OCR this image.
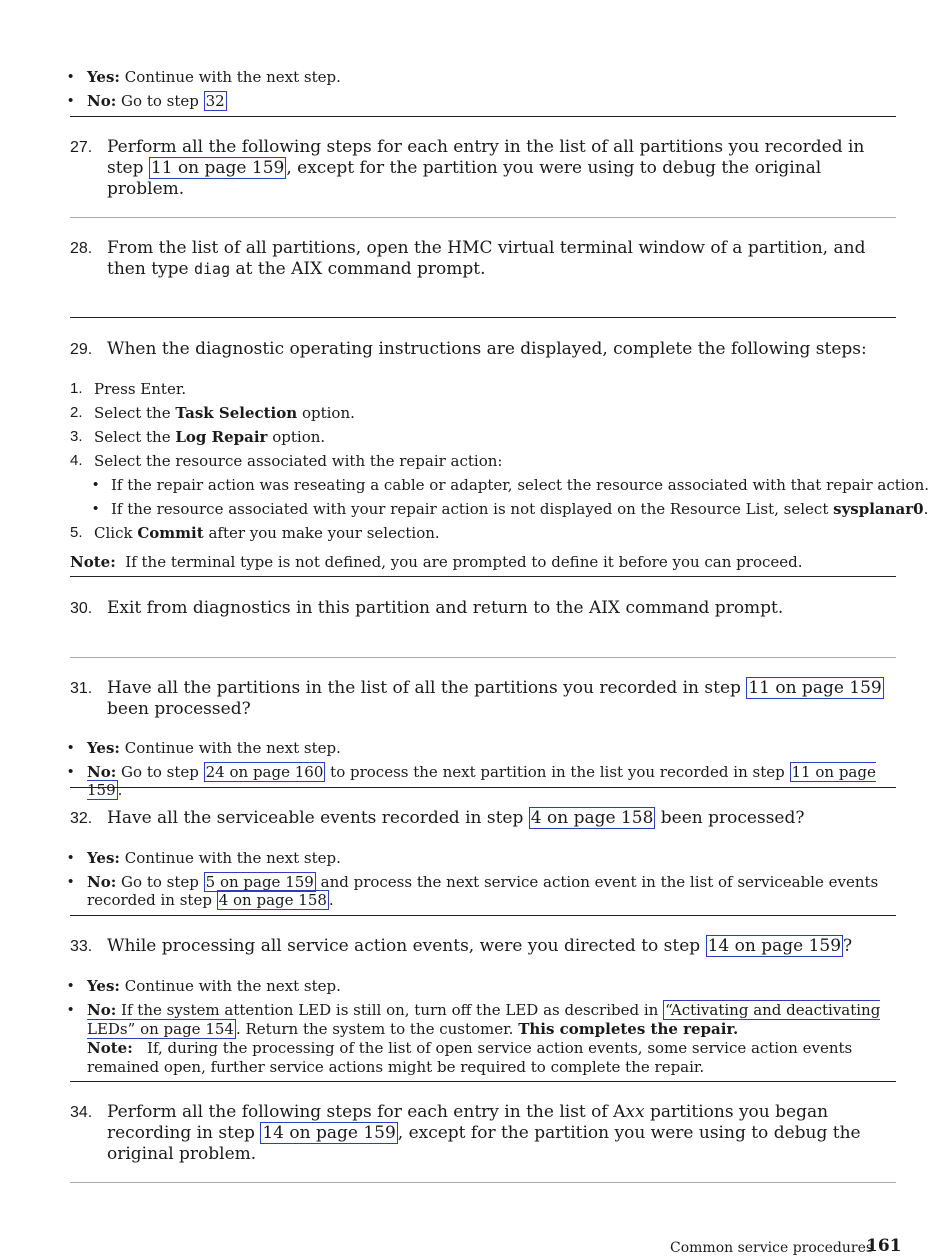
• Yes: Continue with the next step.
• No: Go to step 32
27. Perform all the following steps for each entry in the list of all partitions you recorded in step 11 on page 159 , except for the partition you were using to debug the original problem.
28. From the list of all partitions, open the HMC virtual terminal window of a partition, and then type diag at the AIX command prompt.
29. When the diagnostic operating instructions are displayed, complete the following steps:
1. Press Enter.
2. Select the Task Selection option.
3. Select the Log Repair option.
4. Select the resource associated with the repair action:
• If the repair action was reseating a cable or adapter, select the resource associated with that repair action.
• If the resource associated with your repair action is not displayed on the Resource List, select sysplanar0.
5. Click Commit after you make your selection.
Note: If the terminal type is not defined, you are prompted to define it before you can proceed.
30. Exit from diagnostics in this partition and return to the AIX command prompt.
31. Have all the partitions in the list of all the partitions you recorded in step 11 on page 159 been processed?
• Yes: Continue with the next step.
• No: Go to step 24 on page 160 to process the next partition in the list you recorded in step 11 on page 159 .
32. Have all the serviceable events recorded in step 4 on page 158 been processed?
• Yes: Continue with the next step.
• No: Go to step 5 on page 159 and process the next service action event in the list of serviceable events recorded in step 4 on page 158 .
33. While processing all service action events, were you directed to step 14 on page 159 ?
• Yes: Continue with the next step.
• No: If the system attention LED is still on, turn off the LED as described in “Activating and deactivating LEDs” on page 154 . Return the system to the customer. This completes the repair.
Note: If, during the processing of the list of open service action events, some service action events remained open, further service actions might be required to complete the repair.
34. Perform all the following steps for each entry in the list of Axx partitions you began recording in step 14 on page 159 , except for the partition you were using to debug the original problem.
Common service procedures
161
